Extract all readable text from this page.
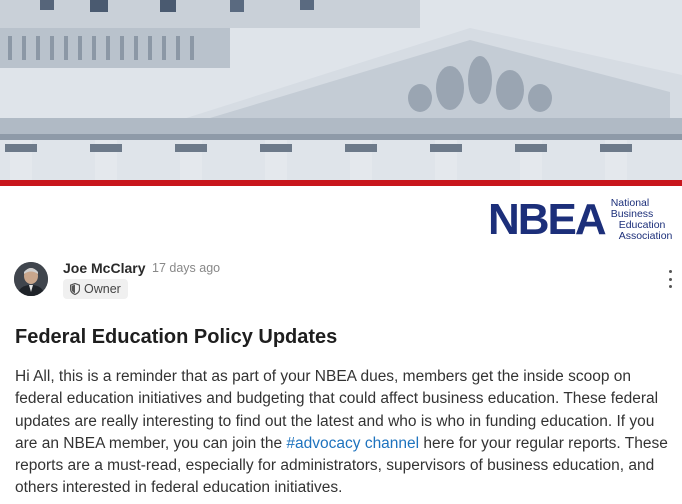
NBEA National
Business
Education
Association
Joe McClary 17 days ago
Owner
Federal Education Policy Updates

Hi All, this is a reminder that as part of your NBEA dues, members get the inside scoop on federal education initiatives and budgeting that could affect business education. These federal updates are really interesting to find out the latest and who is who in funding education. If you are an NBEA member, you can join the #advocacy channel here for your regular reports. These reports are a must-read, especially for administrators, supervisors of business education, and others interested in federal education initiatives.
